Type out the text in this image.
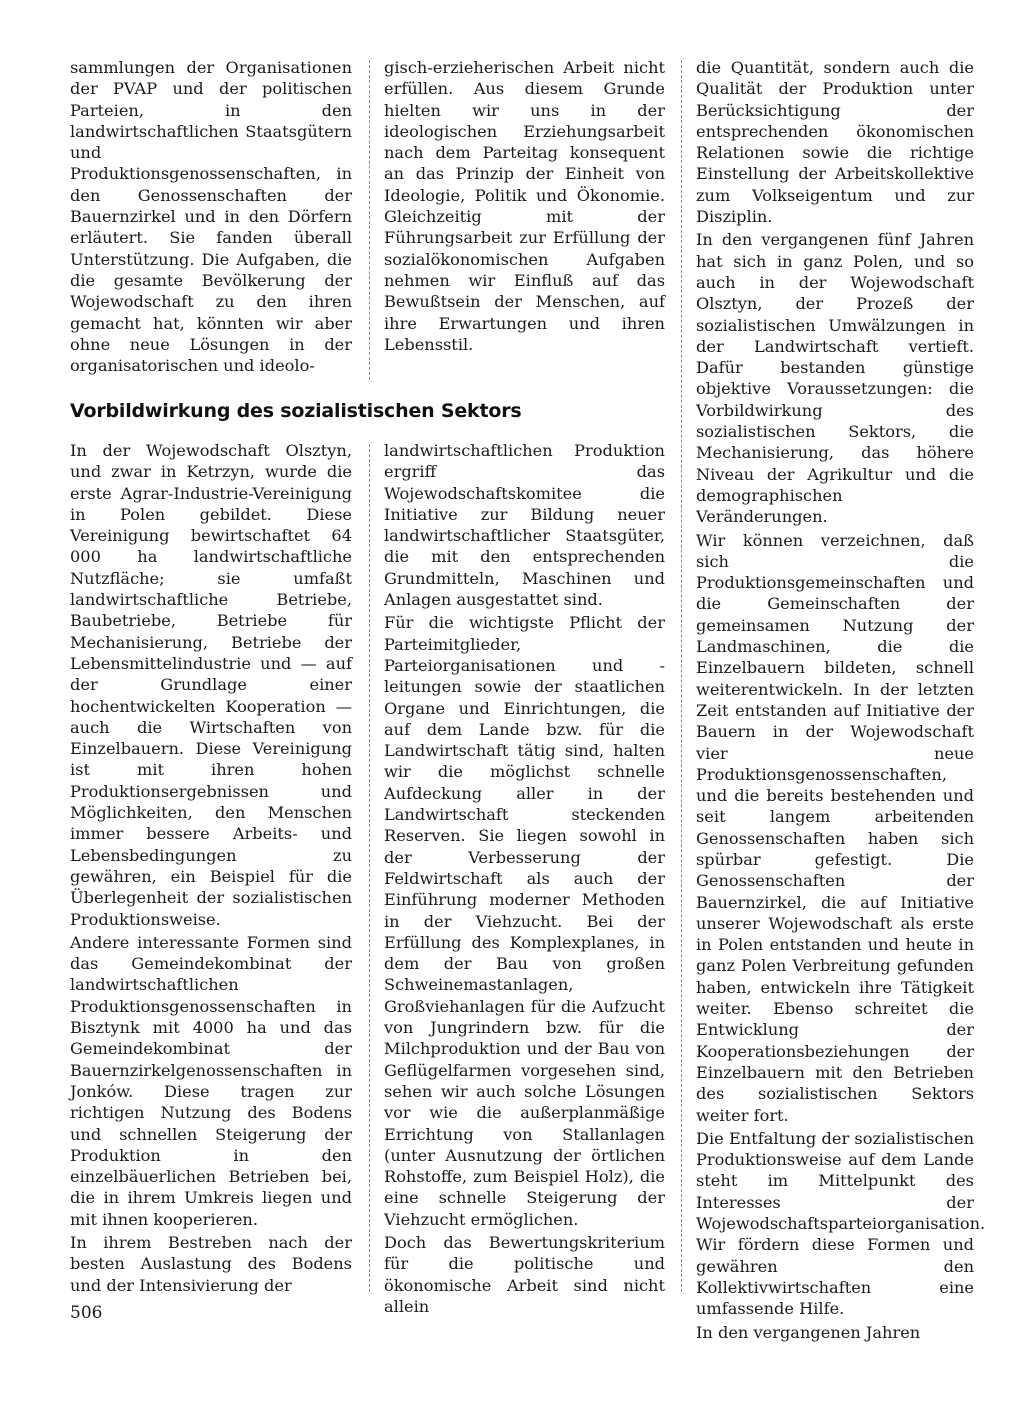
sammlungen der Organisationen der PVAP und der politischen Parteien, in den landwirtschaftlichen Staatsgütern und Produktionsgenossenschaften, in den Genossenschaften der Bauernzirkel und in den Dörfern erläutert. Sie fanden überall Unterstützung. Die Aufgaben, die die gesamte Bevölkerung der Wojewodschaft zu den ihren gemacht hat, könnten wir aber ohne neue Lösungen in der organisatorischen und ideolo-

gisch-erzieherischen Arbeit nicht erfüllen. Aus diesem Grunde hielten wir uns in der ideologischen Erziehungsarbeit nach dem Parteitag konsequent an das Prinzip der Einheit von Ideologie, Politik und Ökonomie. Gleichzeitig mit der Führungsarbeit zur Erfüllung der sozialökonomischen Aufgaben nehmen wir Einfluß auf das Bewußtsein der Menschen, auf ihre Erwartungen und ihren Lebensstil.

Vorbildwirkung des sozialistischen Sektors

In der Wojewodschaft Olsztyn, und zwar in Ketrzyn, wurde die erste Agrar-Industrie-Vereinigung in Polen gebildet. Diese Vereinigung bewirtschaftet 64 000 ha landwirtschaftliche Nutzfläche; sie umfaßt landwirtschaftliche Betriebe, Baubetriebe, Betriebe für Mechanisierung, Betriebe der Lebensmittelindustrie und — auf der Grundlage einer hochentwickelten Kooperation — auch die Wirtschaften von Einzelbauern. Diese Vereinigung ist mit ihren hohen Produktionsergebnissen und Möglichkeiten, den Menschen immer bessere Arbeits- und Lebensbedingungen zu gewähren, ein Beispiel für die Überlegenheit der sozialistischen Produktionsweise.

Andere interessante Formen sind das Gemeindekombinat der landwirtschaftlichen Produktionsgenossenschaften in Bisztynk mit 4000 ha und das Gemeindekombinat der Bauernzirkelgenossenschaften in Jonków. Diese tragen zur richtigen Nutzung des Bodens und schnellen Steigerung der Produktion in den einzelbäuerlichen Betrieben bei, die in ihrem Umkreis liegen und mit ihnen kooperieren.

In ihrem Bestreben nach der besten Auslastung des Bodens und der Intensivierung der

landwirtschaftlichen Produktion ergriff das Wojewodschaftskomitee die Initiative zur Bildung neuer landwirtschaftlicher Staatsgüter, die mit den entsprechenden Grundmitteln, Maschinen und Anlagen ausgestattet sind.

Für die wichtigste Pflicht der Parteimitglieder, Parteiorganisationen und -leitungen sowie der staatlichen Organe und Einrichtungen, die auf dem Lande bzw. für die Landwirtschaft tätig sind, halten wir die möglichst schnelle Aufdeckung aller in der Landwirtschaft steckenden Reserven. Sie liegen sowohl in der Verbesserung der Feldwirtschaft als auch der Einführung moderner Methoden in der Viehzucht. Bei der Erfüllung des Komplexplanes, in dem der Bau von großen Schweinemastanlagen, Großviehanlagen für die Aufzucht von Jungrindern bzw. für die Milchproduktion und der Bau von Geflügelfarmen vorgesehen sind, sehen wir auch solche Lösungen vor wie die außerplanmäßige Errichtung von Stallanlagen (unter Ausnutzung der örtlichen Rohstoffe, zum Beispiel Holz), die eine schnelle Steigerung der Viehzucht ermöglichen.

Doch das Bewertungskriterium für die politische und ökonomische Arbeit sind nicht allein

die Quantität, sondern auch die Qualität der Produktion unter Berücksichtigung der entsprechenden ökonomischen Relationen sowie die richtige Einstellung der Arbeitskollektive zum Volkseigentum und zur Disziplin.

In den vergangenen fünf Jahren hat sich in ganz Polen, und so auch in der Wojewodschaft Olsztyn, der Prozeß der sozialistischen Umwälzungen in der Landwirtschaft vertieft. Dafür bestanden günstige objektive Voraussetzungen: die Vorbildwirkung des sozialistischen Sektors, die Mechanisierung, das höhere Niveau der Agrikultur und die demographischen Veränderungen.

Wir können verzeichnen, daß sich die Produktionsgemeinschaften und die Gemeinschaften der gemeinsamen Nutzung der Landmaschinen, die die Einzelbauern bildeten, schnell weiterentwickeln. In der letzten Zeit entstanden auf Initiative der Bauern in der Wojewodschaft vier neue Produktionsgenossenschaften, und die bereits bestehenden und seit langem arbeitenden Genossenschaften haben sich spürbar gefestigt. Die Genossenschaften der Bauernzirkel, die auf Initiative unserer Wojewodschaft als erste in Polen entstanden und heute in ganz Polen Verbreitung gefunden haben, entwickeln ihre Tätigkeit weiter. Ebenso schreitet die Entwicklung der Kooperationsbeziehungen der Einzelbauern mit den Betrieben des sozialistischen Sektors weiter fort.

Die Entfaltung der sozialistischen Produktionsweise auf dem Lande steht im Mittelpunkt des Interesses der Wojewodschaftsparteiorganisation. Wir fördern diese Formen und gewähren den Kollektivwirtschaften eine umfassende Hilfe.

In den vergangenen Jahren

506
